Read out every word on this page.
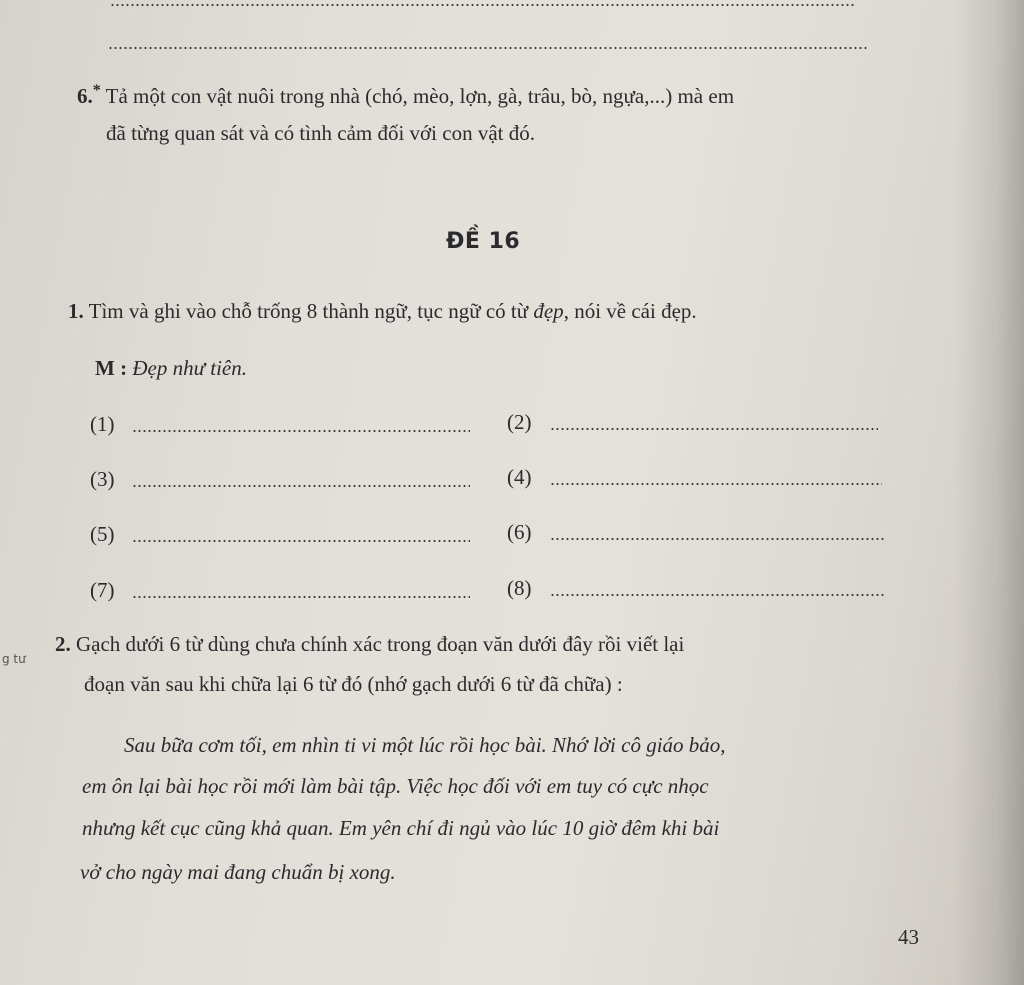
6.* Tả một con vật nuôi trong nhà (chó, mèo, lợn, gà, trâu, bò, ngựa,...) mà em
đã từng quan sát và có tình cảm đối với con vật đó.
ĐỀ 16
1. Tìm và ghi vào chỗ trống 8 thành ngữ, tục ngữ có từ đẹp, nói về cái đẹp.
M : Đẹp như tiên.
(1)	(2)
(3)	(4)
(5)	(6)
(7)	(8)
g tư
2. Gạch dưới 6 từ dùng chưa chính xác trong đoạn văn dưới đây rồi viết lại
đoạn văn sau khi chữa lại 6 từ đó (nhớ gạch dưới 6 từ đã chữa) :
Sau bữa cơm tối, em nhìn ti vi một lúc rồi học bài. Nhớ lời cô giáo bảo,
em ôn lại bài học rồi mới làm bài tập. Việc học đối với em tuy có cực nhọc
nhưng kết cục cũng khả quan. Em yên chí đi ngủ vào lúc 10 giờ đêm khi bài
vở cho ngày mai đang chuẩn bị xong.
43
